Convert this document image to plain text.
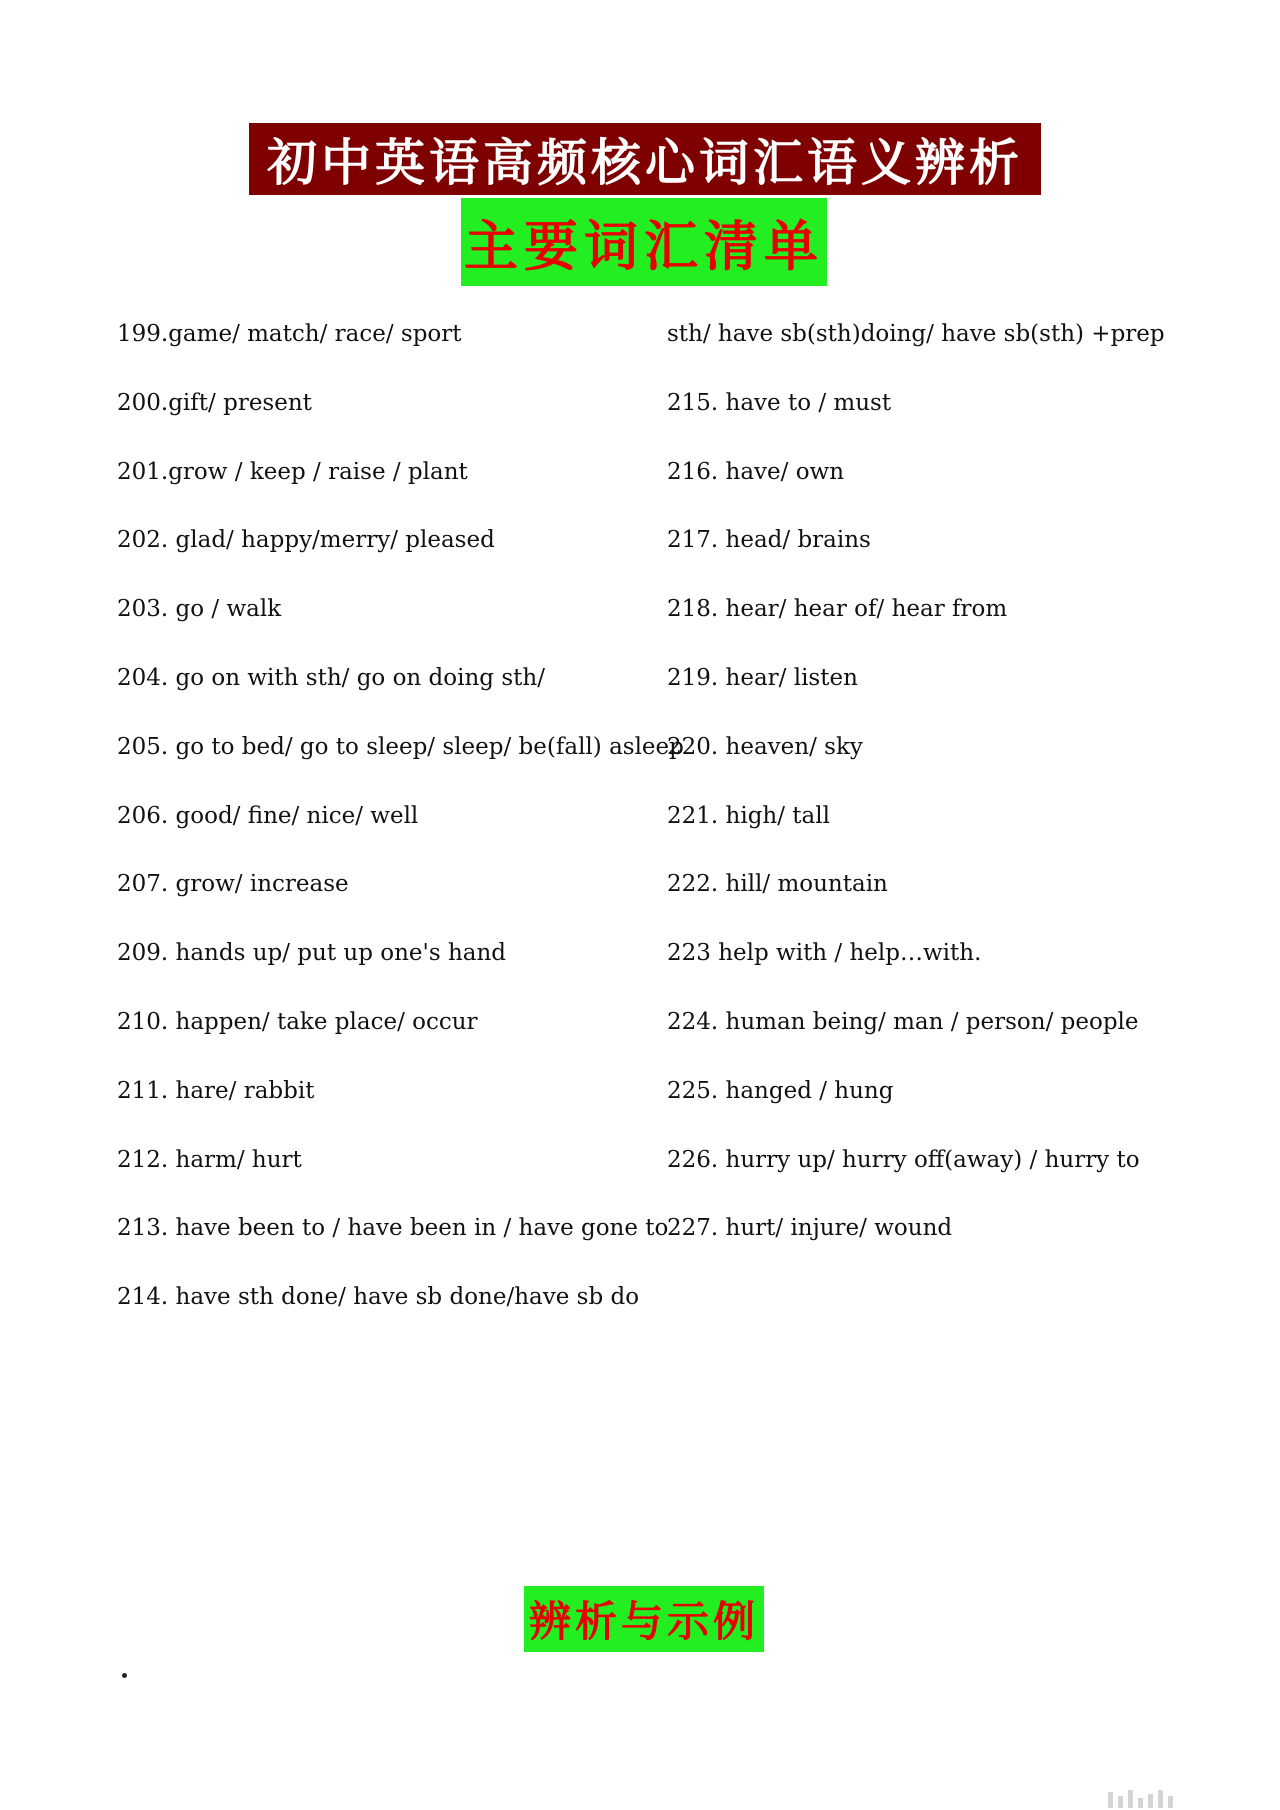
初中英语高频核心词汇语义辨析
主要词汇清单
199.game/ match/ race/ sport
200.gift/ present
201.grow / keep / raise / plant
202. glad/ happy/merry/ pleased
203. go / walk
204. go on with sth/ go on doing sth/
205. go to bed/ go to sleep/ sleep/ be(fall) asleep
206. good/ fine/ nice/ well
207. grow/ increase
209. hands up/ put up one's hand
210. happen/ take place/ occur
211. hare/ rabbit
212. harm/ hurt
213. have been to / have been in / have gone to
214. have sth done/ have sb done/have sb do
sth/ have sb(sth)doing/ have sb(sth) +prep
215. have to / must
216. have/ own
217. head/ brains
218. hear/ hear of/ hear from
219. hear/ listen
220. heaven/ sky
221. high/ tall
222. hill/ mountain
223 help with / help…with.
224. human being/ man / person/ people
225. hanged / hung
226. hurry up/ hurry off(away) / hurry to
227. hurt/ injure/ wound
辨析与示例
